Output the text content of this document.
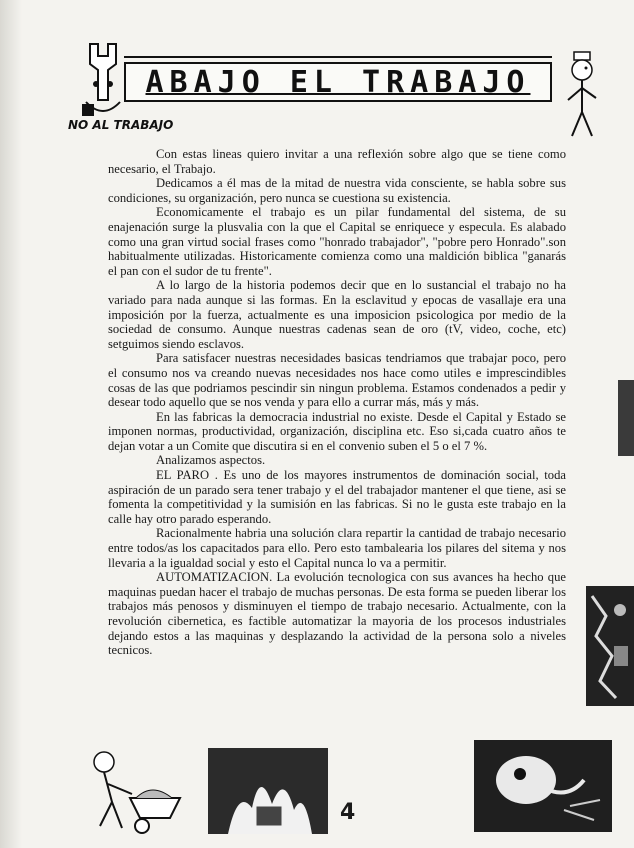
ABAJO EL TRABAJO
NO AL TRABAJO

Con estas lineas quiero invitar a una reflexión sobre algo que se tiene como necesario, el Trabajo.

Dedicamos a él mas de la mitad de nuestra vida consciente, se habla sobre sus condiciones, su organización, pero nunca se cuestiona su existencia.

Economicamente el trabajo es un pilar fundamental del sistema, de su enajenación surge la plusvalia con la que el Capital se enriquece y especula. Es alabado como una gran virtud social frases como "honrado trabajador", "pobre pero Honrado".son habitualmente utilizadas. Historicamente comienza como una maldición biblica "ganarás el pan con el sudor de tu frente".

A lo largo de la historia podemos decir que en lo sustancial el trabajo no ha variado para nada aunque si las formas. En la esclavitud y epocas de vasallaje era una imposición por la fuerza, actualmente es una imposicion psicologica por medio de la sociedad de consumo. Aunque nuestras cadenas sean de oro (tV, video, coche, etc) setguimos siendo esclavos.

Para satisfacer nuestras necesidades basicas tendriamos que trabajar poco, pero el consumo nos va creando nuevas necesidades nos hace como utiles e imprescindibles cosas de las que podriamos pescindir sin ningun problema. Estamos condenados a pedir y desear todo aquello que se nos venda y para ello a currar más, más y más.

En las fabricas la democracia industrial no existe. Desde el Capital y Estado se imponen normas, productividad, organización, disciplina etc. Eso si,cada cuatro años te dejan votar a un Comite que discutira si en el convenio suben el 5 o el 7 %.

Analizamos aspectos.

EL PARO . Es uno de los mayores instrumentos de dominación social, toda aspiración de un parado sera tener trabajo y el del trabajador mantener el que tiene, asi se fomenta la competitividad y la sumisión en las fabricas. Si no le gusta este trabajo en la calle hay otro parado esperando.

Racionalmente habria una solución clara repartir la cantidad de trabajo necesario entre todos/as los capacitados para ello. Pero esto tambalearia los pilares del sitema y nos llevaria a la igualdad social y esto el Capital nunca lo va a permitir.

AUTOMATIZACION. La evolución tecnologica con sus avances ha hecho que maquinas puedan hacer el trabajo de muchas personas. De esta forma se pueden liberar los trabajos más penosos y disminuyen el tiempo de trabajo necesario. Actualmente, con la revolución cibernetica, es factible automatizar la mayoria de los procesos industriales dejando estos a las maquinas y desplazando la actividad de la persona solo a niveles tecnicos.

4
